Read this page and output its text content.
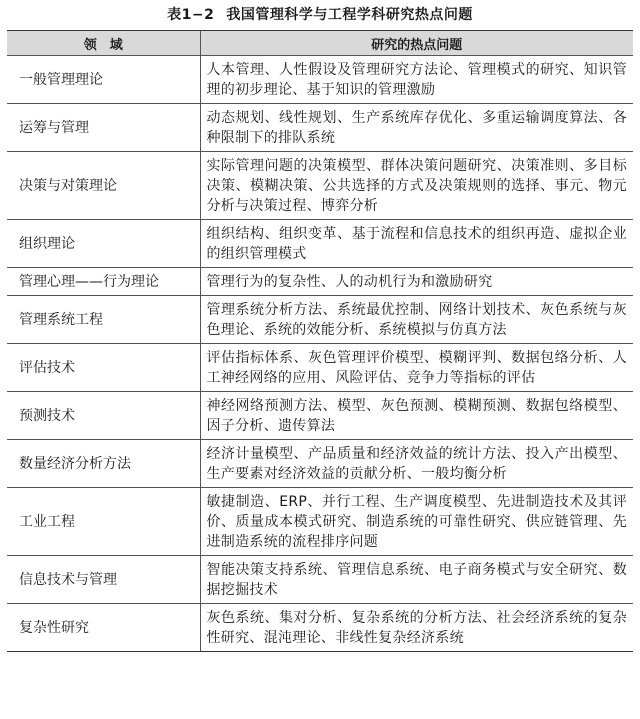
表1−2 我国管理科学与工程学科研究热点问题
领　域	研究的热点问题
一般管理理论	人本管理、人性假设及管理研究方法论、管理模式的研究、知识管理的初步理论、基于知识的管理激励
运筹与管理	动态规划、线性规划、生产系统库存优化、多重运输调度算法、各种限制下的排队系统
决策与对策理论	实际管理问题的决策模型、群体决策问题研究、决策准则、多目标决策、模糊决策、公共选择的方式及决策规则的选择、事元、物元分析与决策过程、博弈分析
组织理论	组织结构、组织变革、基于流程和信息技术的组织再造、虚拟企业的组织管理模式
管理心理——行为理论	管理行为的复杂性、人的动机行为和激励研究
管理系统工程	管理系统分析方法、系统最优控制、网络计划技术、灰色系统与灰色理论、系统的效能分析、系统模拟与仿真方法
评估技术	评估指标体系、灰色管理评价模型、模糊评判、数据包络分析、人工神经网络的应用、风险评估、竞争力等指标的评估
预测技术	神经网络预测方法、模型、灰色预测、模糊预测、数据包络模型、因子分析、遗传算法
数量经济分析方法	经济计量模型、产品质量和经济效益的统计方法、投入产出模型、生产要素对经济效益的贡献分析、一般均衡分析
工业工程	敏捷制造、ERP、并行工程、生产调度模型、先进制造技术及其评价、质量成本模式研究、制造系统的可靠性研究、供应链管理、先进制造系统的流程排序问题
信息技术与管理	智能决策支持系统、管理信息系统、电子商务模式与安全研究、数据挖掘技术
复杂性研究	灰色系统、集对分析、复杂系统的分析方法、社会经济系统的复杂性研究、混沌理论、非线性复杂经济系统
